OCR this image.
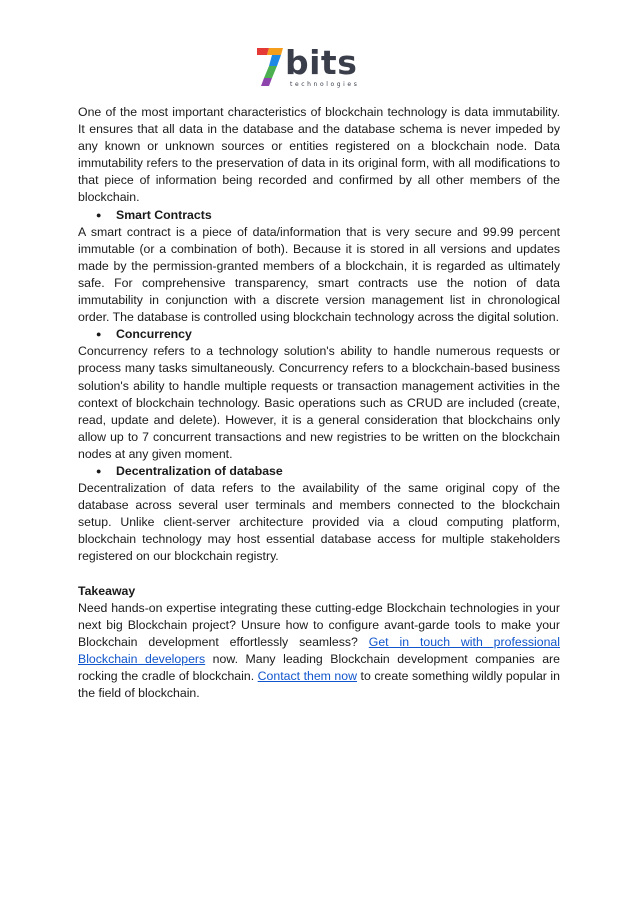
bits
technologies

One of the most important characteristics of blockchain technology is data immutability. It ensures that all data in the database and the database schema is never impeded by any known or unknown sources or entities registered on a blockchain node. Data immutability refers to the preservation of data in its original form, with all modifications to that piece of information being recorded and confirmed by all other members of the blockchain.

● Smart Contracts

A smart contract is a piece of data/information that is very secure and 99.99 percent immutable (or a combination of both). Because it is stored in all versions and updates made by the permission-granted members of a blockchain, it is regarded as ultimately safe. For comprehensive transparency, smart contracts use the notion of data immutability in conjunction with a discrete version management list in chronological order. The database is controlled using blockchain technology across the digital solution.

● Concurrency

Concurrency refers to a technology solution's ability to handle numerous requests or process many tasks simultaneously. Concurrency refers to a blockchain-based business solution's ability to handle multiple requests or transaction management activities in the context of blockchain technology. Basic operations such as CRUD are included (create, read, update and delete). However, it is a general consideration that blockchains only allow up to 7 concurrent transactions and new registries to be written on the blockchain nodes at any given moment.

● Decentralization of database

Decentralization of data refers to the availability of the same original copy of the database across several user terminals and members connected to the blockchain setup. Unlike client-server architecture provided via a cloud computing platform, blockchain technology may host essential database access for multiple stakeholders registered on our blockchain registry.

Takeaway

Need hands-on expertise integrating these cutting-edge Blockchain technologies in your next big Blockchain project? Unsure how to configure avant-garde tools to make your Blockchain development effortlessly seamless? Get in touch with professional Blockchain developers now. Many leading Blockchain development companies are rocking the cradle of blockchain. Contact them now to create something wildly popular in the field of blockchain.
